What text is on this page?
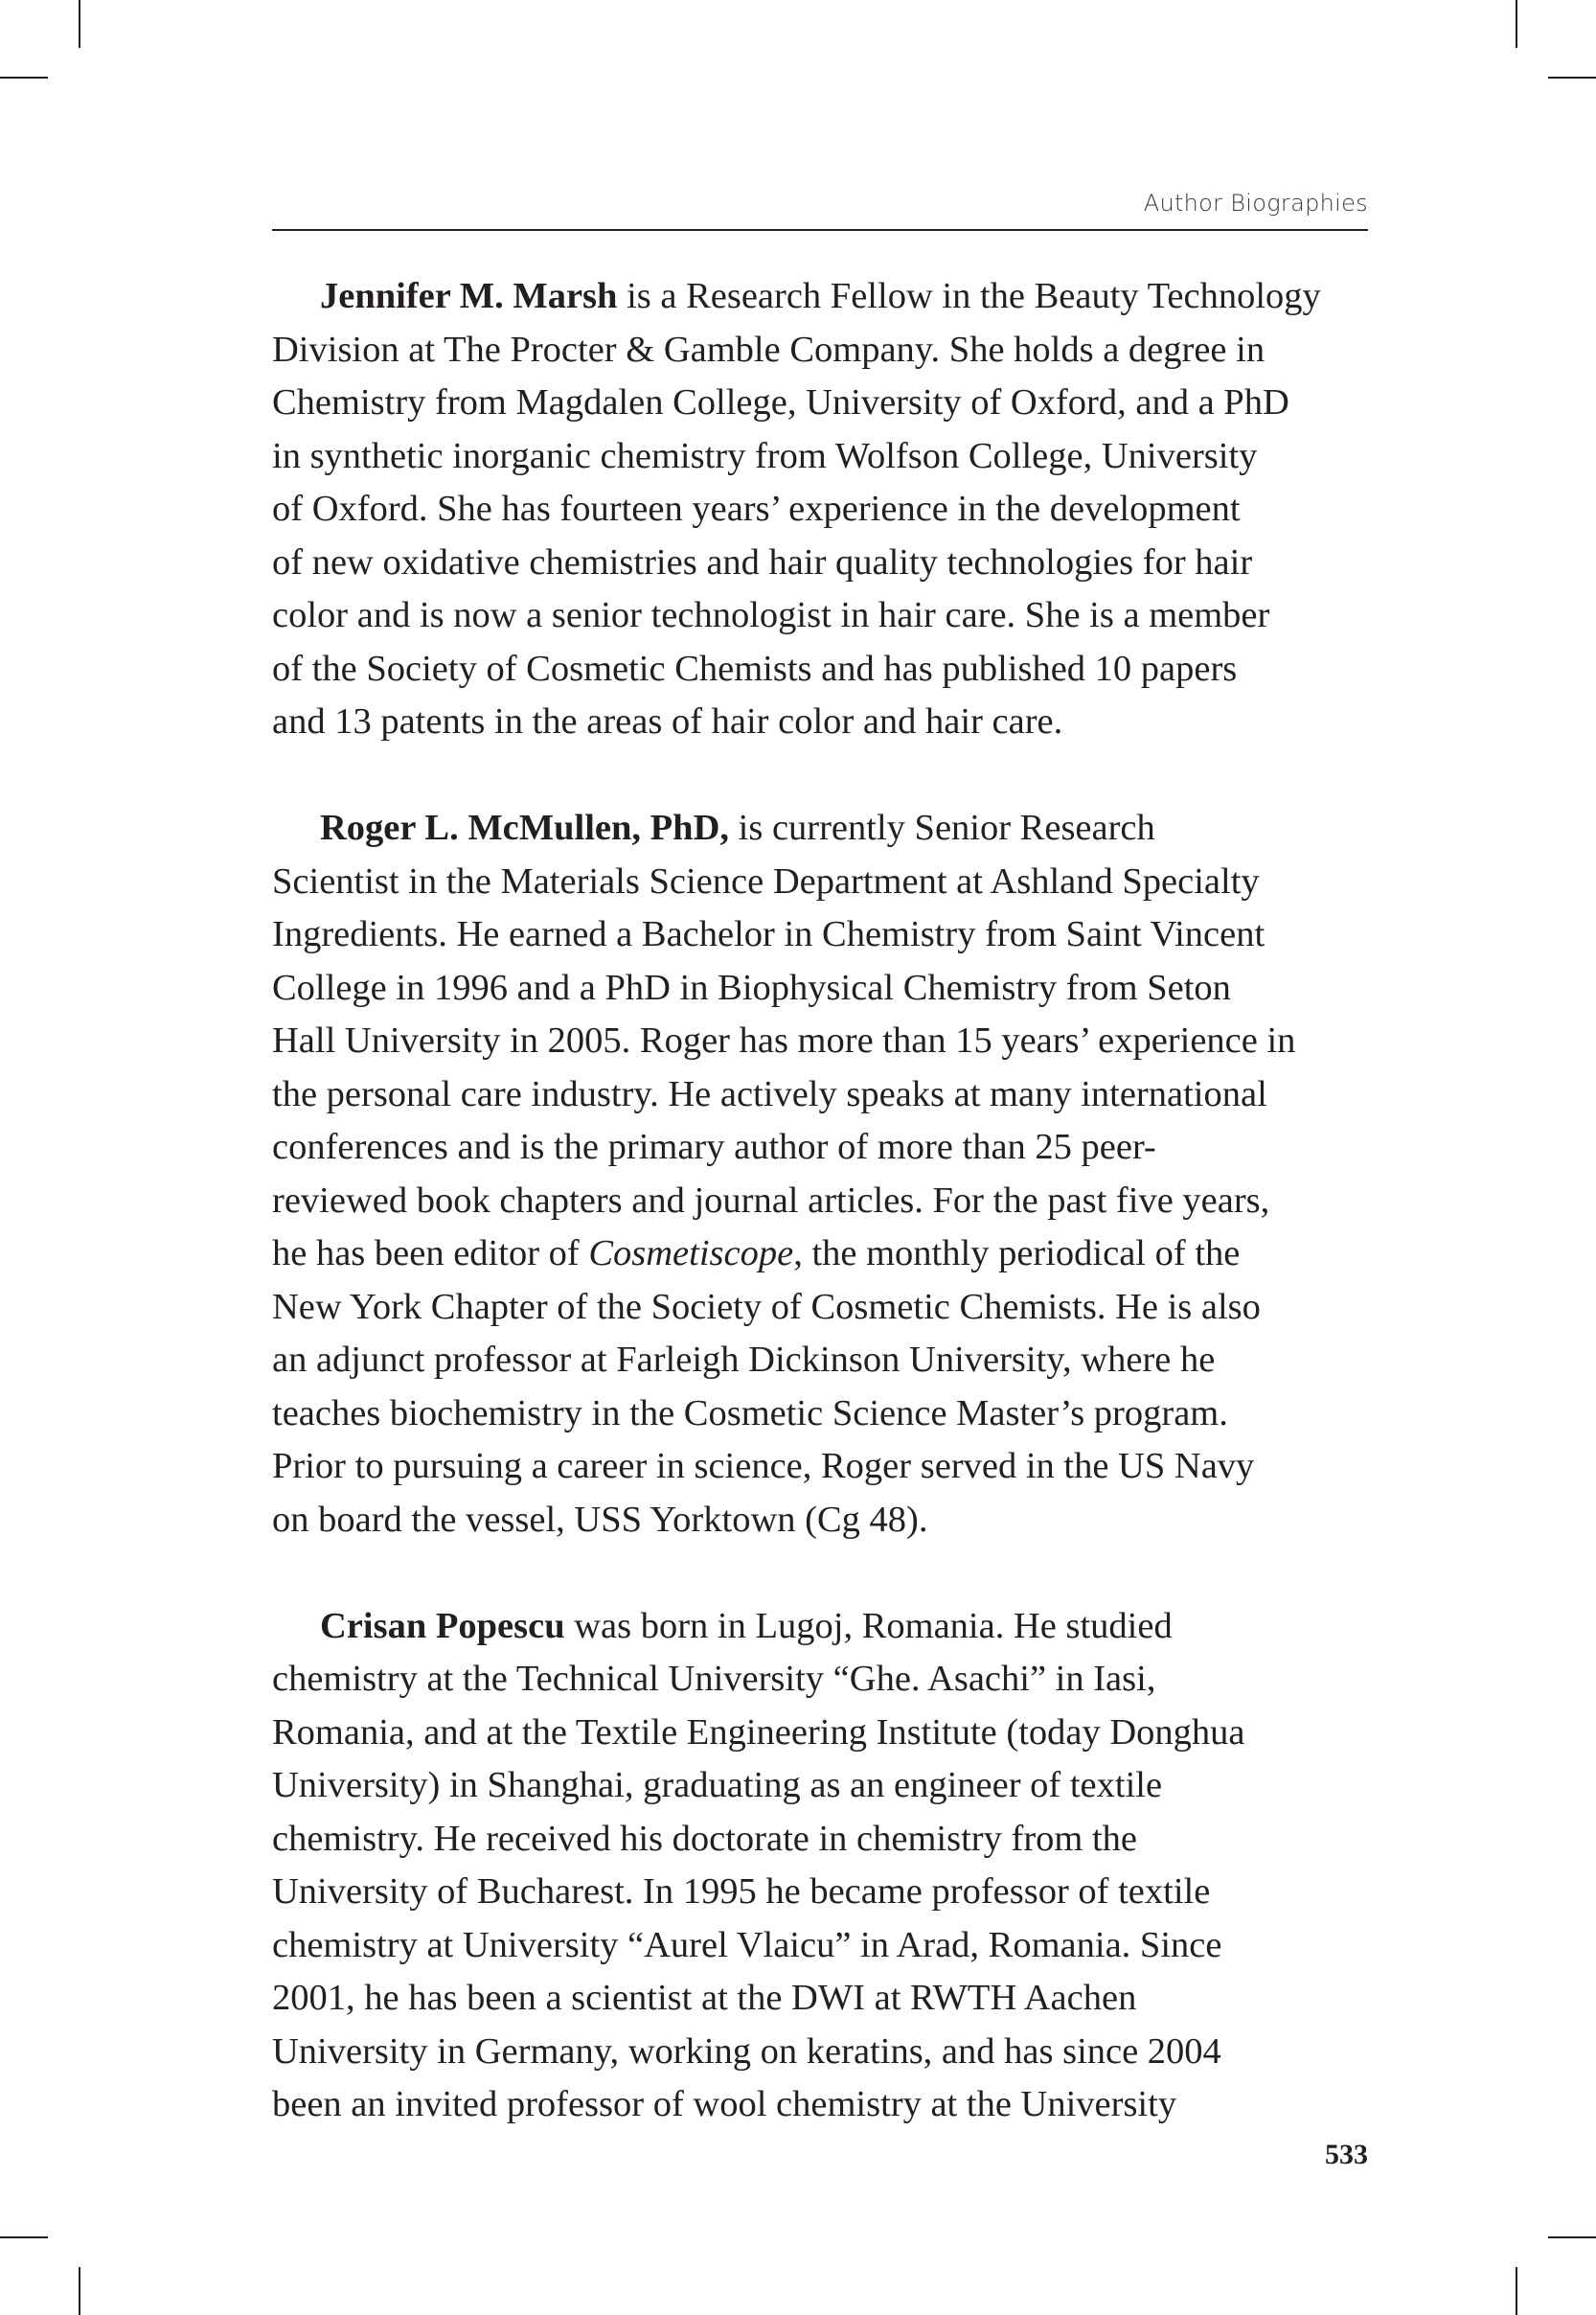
Author Biographies
Jennifer M. Marsh is a Research Fellow in the Beauty Technology
Division at The Procter & Gamble Company. She holds a degree in
Chemistry from Magdalen College, University of Oxford, and a PhD
in synthetic inorganic chemistry from Wolfson College, University
of Oxford. She has fourteen years’ experience in the development
of new oxidative chemistries and hair quality technologies for hair
color and is now a senior technologist in hair care. She is a member
of the Society of Cosmetic Chemists and has published 10 papers
and 13 patents in the areas of hair color and hair care.
Roger L. McMullen, PhD, is currently Senior Research
Scientist in the Materials Science Department at Ashland Specialty
Ingredients. He earned a Bachelor in Chemistry from Saint Vincent
College in 1996 and a PhD in Biophysical Chemistry from Seton
Hall University in 2005. Roger has more than 15 years’ experience in
the personal care industry. He actively speaks at many international
conferences and is the primary author of more than 25 peer-
reviewed book chapters and journal articles. For the past five years,
he has been editor of Cosmetiscope, the monthly periodical of the
New York Chapter of the Society of Cosmetic Chemists. He is also
an adjunct professor at Farleigh Dickinson University, where he
teaches biochemistry in the Cosmetic Science Master’s program.
Prior to pursuing a career in science, Roger served in the US Navy
on board the vessel, USS Yorktown (Cg 48).
Crisan Popescu was born in Lugoj, Romania. He studied
chemistry at the Technical University “Ghe. Asachi” in Iasi,
Romania, and at the Textile Engineering Institute (today Donghua
University) in Shanghai, graduating as an engineer of textile
chemistry. He received his doctorate in chemistry from the
University of Bucharest. In 1995 he became professor of textile
chemistry at University “Aurel Vlaicu” in Arad, Romania. Since
2001, he has been a scientist at the DWI at RWTH Aachen
University in Germany, working on keratins, and has since 2004
been an invited professor of wool chemistry at the University
533
